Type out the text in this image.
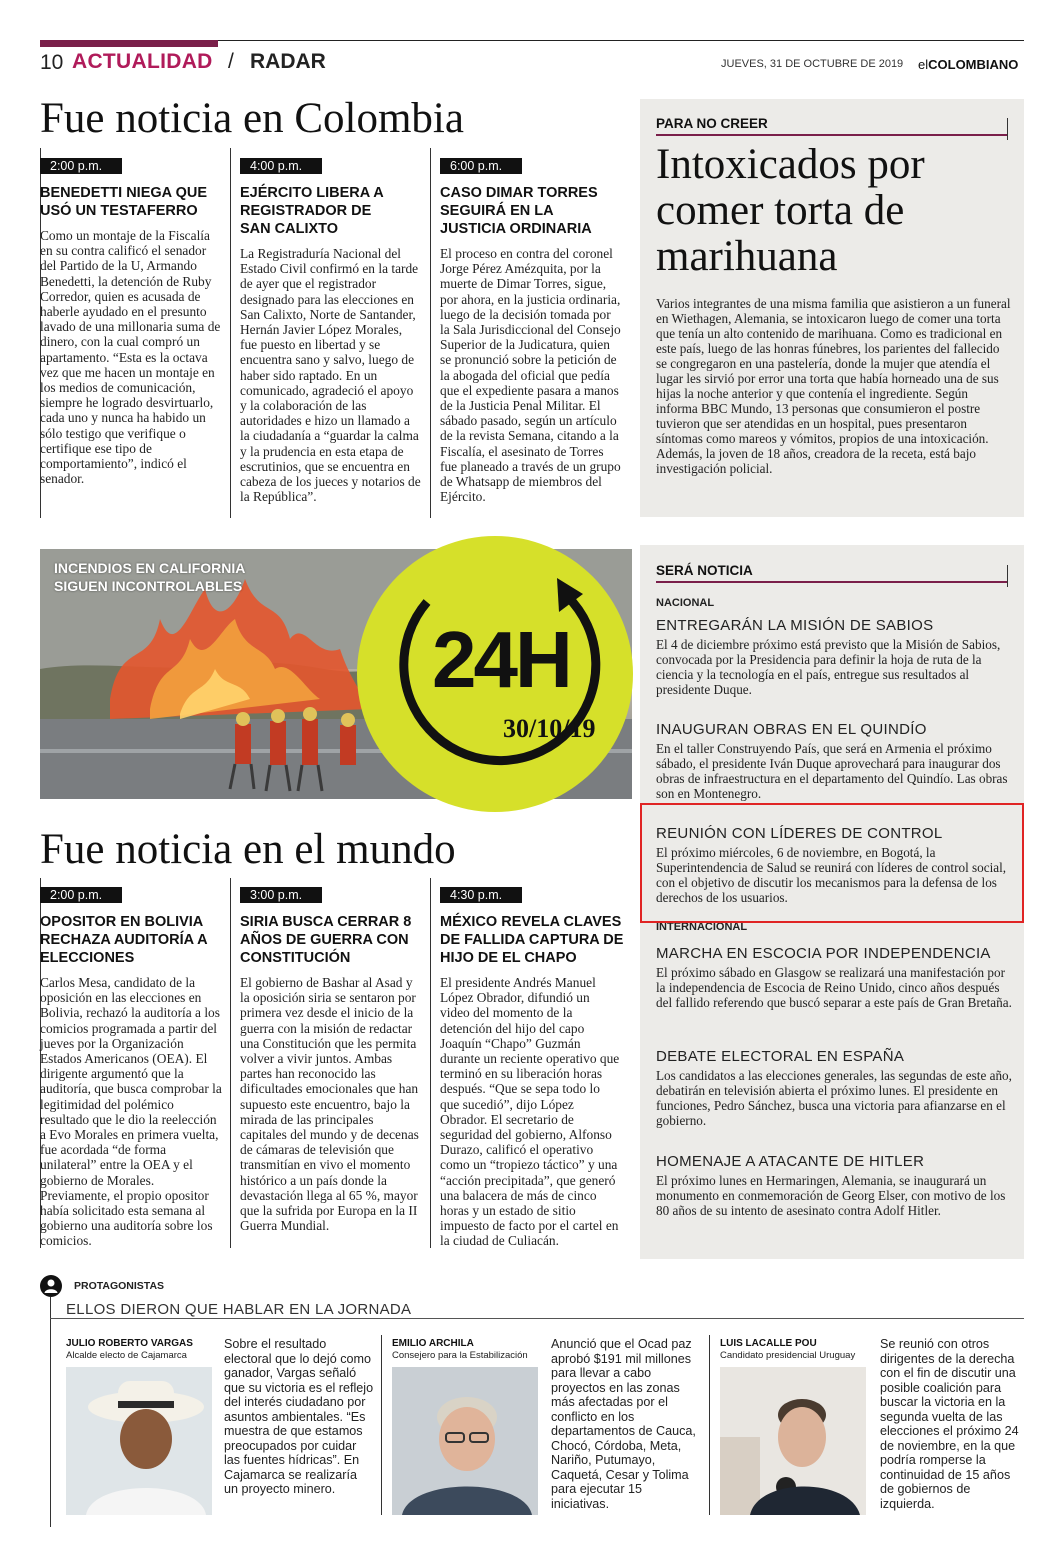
10 ACTUALIDAD / RADAR	JUEVES, 31 DE OCTUBRE DE 2019 elCOLOMBIANO
Fue noticia en Colombia
2:00 p.m.
BENEDETTI NIEGA QUE USÓ UN TESTAFERRO
Como un montaje de la Fiscalía en su contra calificó el senador del Partido de la U, Armando Benedetti, la detención de Ruby Corredor, quien es acusada de haberle ayudado en el presunto lavado de una millonaria suma de dinero, con la cual compró un apartamento. “Esta es la octava vez que me hacen un montaje en los medios de comunicación, siempre he logrado desvirtuarlo, cada uno y nunca ha habido un sólo testigo que verifique o certifique ese tipo de comportamiento”, indicó el senador.
4:00 p.m.
EJÉRCITO LIBERA A REGISTRADOR DE SAN CALIXTO
La Registraduría Nacional del Estado Civil confirmó en la tarde de ayer que el registrador designado para las elecciones en San Calixto, Norte de Santander, Hernán Javier López Morales, fue puesto en libertad y se encuentra sano y salvo, luego de haber sido raptado. En un comunicado, agradeció el apoyo y la colaboración de las autoridades e hizo un llamado a la ciudadanía a “guardar la calma y la prudencia en esta etapa de escrutinios, que se encuentra en cabeza de los jueces y notarios de la República”.
6:00 p.m.
CASO DIMAR TORRES SEGUIRÁ EN LA JUSTICIA ORDINARIA
El proceso en contra del coronel Jorge Pérez Amézquita, por la muerte de Dimar Torres, sigue, por ahora, en la justicia ordinaria, luego de la decisión tomada por la Sala Jurisdiccional del Consejo Superior de la Judicatura, quien se pronunció sobre la petición de la abogada del oficial que pedía que el expediente pasara a manos de la Justicia Penal Militar. El sábado pasado, según un artículo de la revista Semana, citando a la Fiscalía, el asesinato de Torres fue planeado a través de un grupo de Whatsapp de miembros del Ejército.
PARA NO CREER
Intoxicados por comer torta de marihuana
Varios integrantes de una misma familia que asistieron a un funeral en Wiethagen, Alemania, se intoxicaron luego de comer una torta que tenía un alto contenido de marihuana. Como es tradicional en este país, luego de las honras fúnebres, los parientes del fallecido se congregaron en una pastelería, donde la mujer que atendía el lugar les sirvió por error una torta que había horneado una de sus hijas la noche anterior y que contenía el ingrediente. Según informa BBC Mundo, 13 personas que consumieron el postre tuvieron que ser atendidas en un hospital, pues presentaron síntomas como mareos y vómitos, propios de una intoxicación. Además, la joven de 18 años, creadora de la receta, está bajo investigación policial.
INCENDIOS EN CALIFORNIA
SIGUEN INCONTROLABLES
24H
30/10/19
Fue noticia en el mundo
2:00 p.m.
OPOSITOR EN BOLIVIA RECHAZA AUDITORÍA A ELECCIONES
Carlos Mesa, candidato de la oposición en las elecciones en Bolivia, rechazó la auditoría a los comicios programada a partir del jueves por la Organización Estados Americanos (OEA). El dirigente argumentó que la auditoría, que busca comprobar la legitimidad del polémico resultado que le dio la reelección a Evo Morales en primera vuelta, fue acordada “de forma unilateral” entre la OEA y el gobierno de Morales. Previamente, el propio opositor había solicitado esta semana al gobierno una auditoría sobre los comicios.
3:00 p.m.
SIRIA BUSCA CERRAR 8 AÑOS DE GUERRA CON CONSTITUCIÓN
El gobierno de Bashar al Asad y la oposición siria se sentaron por primera vez desde el inicio de la guerra con la misión de redactar una Constitución que les permita volver a vivir juntos. Ambas partes han reconocido las dificultades emocionales que han supuesto este encuentro, bajo la mirada de las principales capitales del mundo y de decenas de cámaras de televisión que transmitían en vivo el momento histórico a un país donde la devastación llega al 65 %, mayor que la sufrida por Europa en la II Guerra Mundial.
4:30 p.m.
MÉXICO REVELA CLAVES DE FALLIDA CAPTURA DE HIJO DE EL CHAPO
El presidente Andrés Manuel López Obrador, difundió un video del momento de la detención del hijo del capo Joaquín “Chapo” Guzmán durante un reciente operativo que terminó en su liberación horas después. “Que se sepa todo lo que sucedió”, dijo López Obrador. El secretario de seguridad del gobierno, Alfonso Durazo, calificó el operativo como un “tropiezo táctico” y una “acción precipitada”, que generó una balacera de más de cinco horas y un estado de sitio impuesto de facto por el cartel en la ciudad de Culiacán.
SERÁ NOTICIA
NACIONAL
ENTREGARÁN LA MISIÓN DE SABIOS
El 4 de diciembre próximo está previsto que la Misión de Sabios, convocada por la Presidencia para definir la hoja de ruta de la ciencia y la tecnología en el país, entregue sus resultados al presidente Duque.
INAUGURAN OBRAS EN EL QUINDÍO
En el taller Construyendo País, que será en Armenia el próximo sábado, el presidente Iván Duque aprovechará para inaugurar dos obras de infraestructura en el departamento del Quindío. Las obras son en Montenegro.
REUNIÓN CON LÍDERES DE CONTROL
El próximo miércoles, 6 de noviembre, en Bogotá, la Superintendencia de Salud se reunirá con líderes de control social, con el objetivo de discutir los mecanismos para la defensa de los derechos de los usuarios.
INTERNACIONAL
MARCHA EN ESCOCIA POR INDEPENDENCIA
El próximo sábado en Glasgow se realizará una manifestación por la independencia de Escocia de Reino Unido, cinco años después del fallido referendo que buscó separar a este país de Gran Bretaña.
DEBATE ELECTORAL EN ESPAÑA
Los candidatos a las elecciones generales, las segundas de este año, debatirán en televisión abierta el próximo lunes. El presidente en funciones, Pedro Sánchez, busca una victoria para afianzarse en el gobierno.
HOMENAJE A ATACANTE DE HITLER
El próximo lunes en Hermaringen, Alemania, se inaugurará un monumento en conmemoración de Georg Elser, con motivo de los 80 años de su intento de asesinato contra Adolf Hitler.
PROTAGONISTAS
ELLOS DIERON QUE HABLAR EN LA JORNADA
JULIO ROBERTO VARGAS
Alcalde electo de Cajamarca
Sobre el resultado electoral que lo dejó como ganador, Vargas señaló que su victoria es el reflejo del interés ciudadano por asuntos ambientales. “Es muestra de que estamos preocupados por cuidar las fuentes hídricas”. En Cajamarca se realizaría un proyecto minero.
EMILIO ARCHILA
Consejero para la Estabilización
Anunció que el Ocad paz aprobó $191 mil millones para llevar a cabo proyectos en las zonas más afectadas por el conflicto en los departamentos de Cauca, Chocó, Córdoba, Meta, Nariño, Putumayo, Caquetá, Cesar y Tolima para ejecutar 15 iniciativas.
LUIS LACALLE POU
Candidato presidencial Uruguay
Se reunió con otros dirigentes de la derecha con el fin de discutir una posible coalición para buscar la victoria en la segunda vuelta de las elecciones el próximo 24 de noviembre, en la que podría romperse la continuidad de 15 años de gobiernos de izquierda.
